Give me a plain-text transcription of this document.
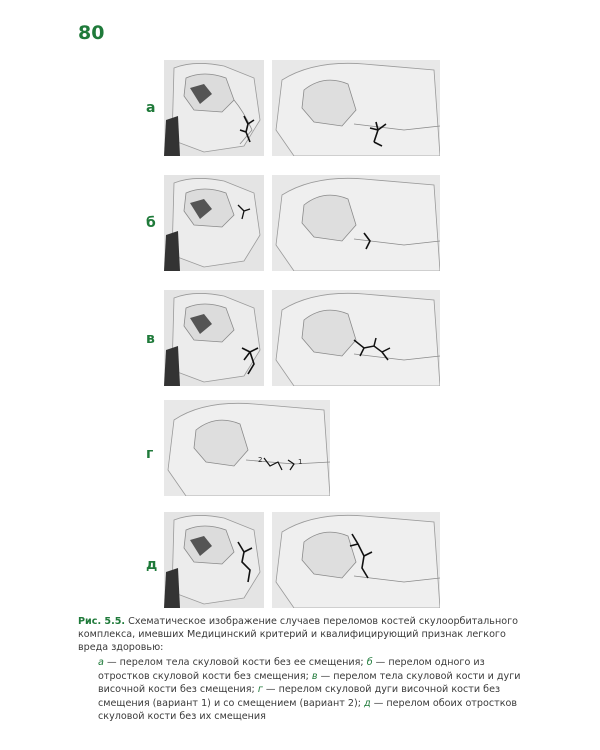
80
а
б
в
г	2	1
д
Рис. 5.5. Схематическое изображение случаев переломов костей скулоорбитального комплекса, имевших Медицинский критерий и квалифицирующий признак легкого вреда здоровью:
а — перелом тела скуловой кости без ее смещения; б — перелом одного из отростков скуловой кости без смещения; в — перелом тела скуловой кости и дуги височной кости без смещения; г — перелом скуловой дуги височной кости без смещения (вариант 1) и со смещением (вариант 2); д — перелом обоих отростков скуловой кости без их смещения
